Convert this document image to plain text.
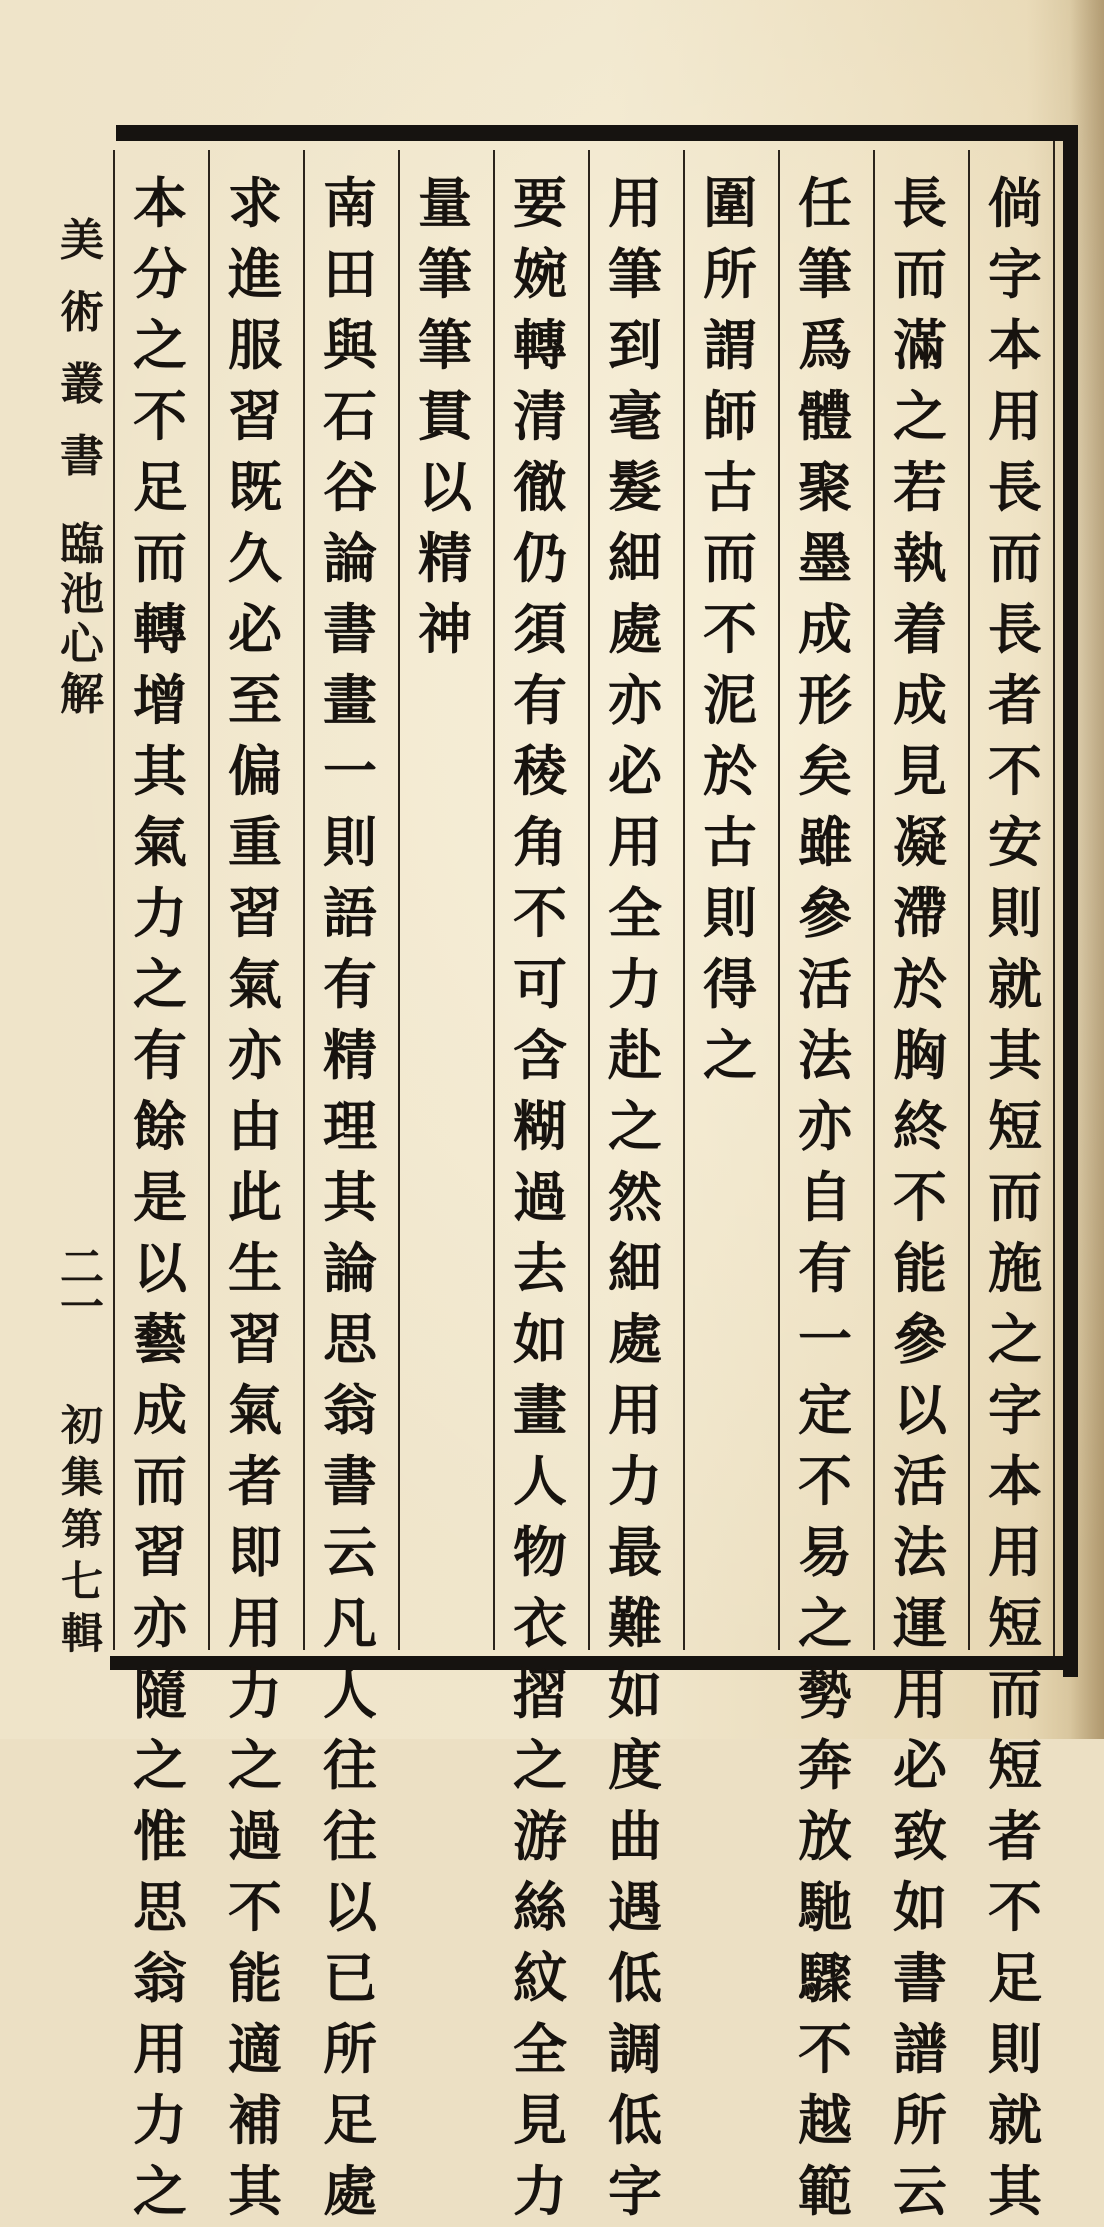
倘
字
本
用
長
而
長
者
不
安
則
就
其
短
而
施
之
字
本
用
短
而
短
者
不
足
則
就
其
長
而
滿
之
若
執
着
成
見
凝
滯
於
胸
終
不
能
參
以
活
法
運
用
必
致
如
書
譜
所
云
任
筆
爲
體
聚
墨
成
形
矣
雖
參
活
法
亦
自
有
一
定
不
易
之
勢
奔
放
馳
驟
不
越
範
圍
所
謂
師
古
而
不
泥
於
古
則
得
之
用
筆
到
毫
髮
細
處
亦
必
用
全
力
赴
之
然
細
處
用
力
最
難
如
度
曲
遇
低
調
低
字
要
婉
轉
清
徹
仍
須
有
稜
角
不
可
含
糊
過
去
如
畫
人
物
衣
摺
之
游
絲
紋
全
見
力
量
筆
筆
貫
以
精
神
南
田
與
石
谷
論
書
畫
一
則
語
有
精
理
其
論
思
翁
書
云
凡
人
往
往
以
已
所
足
處
求
進
服
習
既
久
必
至
偏
重
習
氣
亦
由
此
生
習
氣
者
即
用
力
之
過
不
能
適
補
其
本
分
之
不
足
而
轉
增
其
氣
力
之
有
餘
是
以
藝
成
而
習
亦
隨
之
惟
思
翁
用
力
之
美
術
叢
書
臨
池
心
解
二
一
初
集
第
七
輯
